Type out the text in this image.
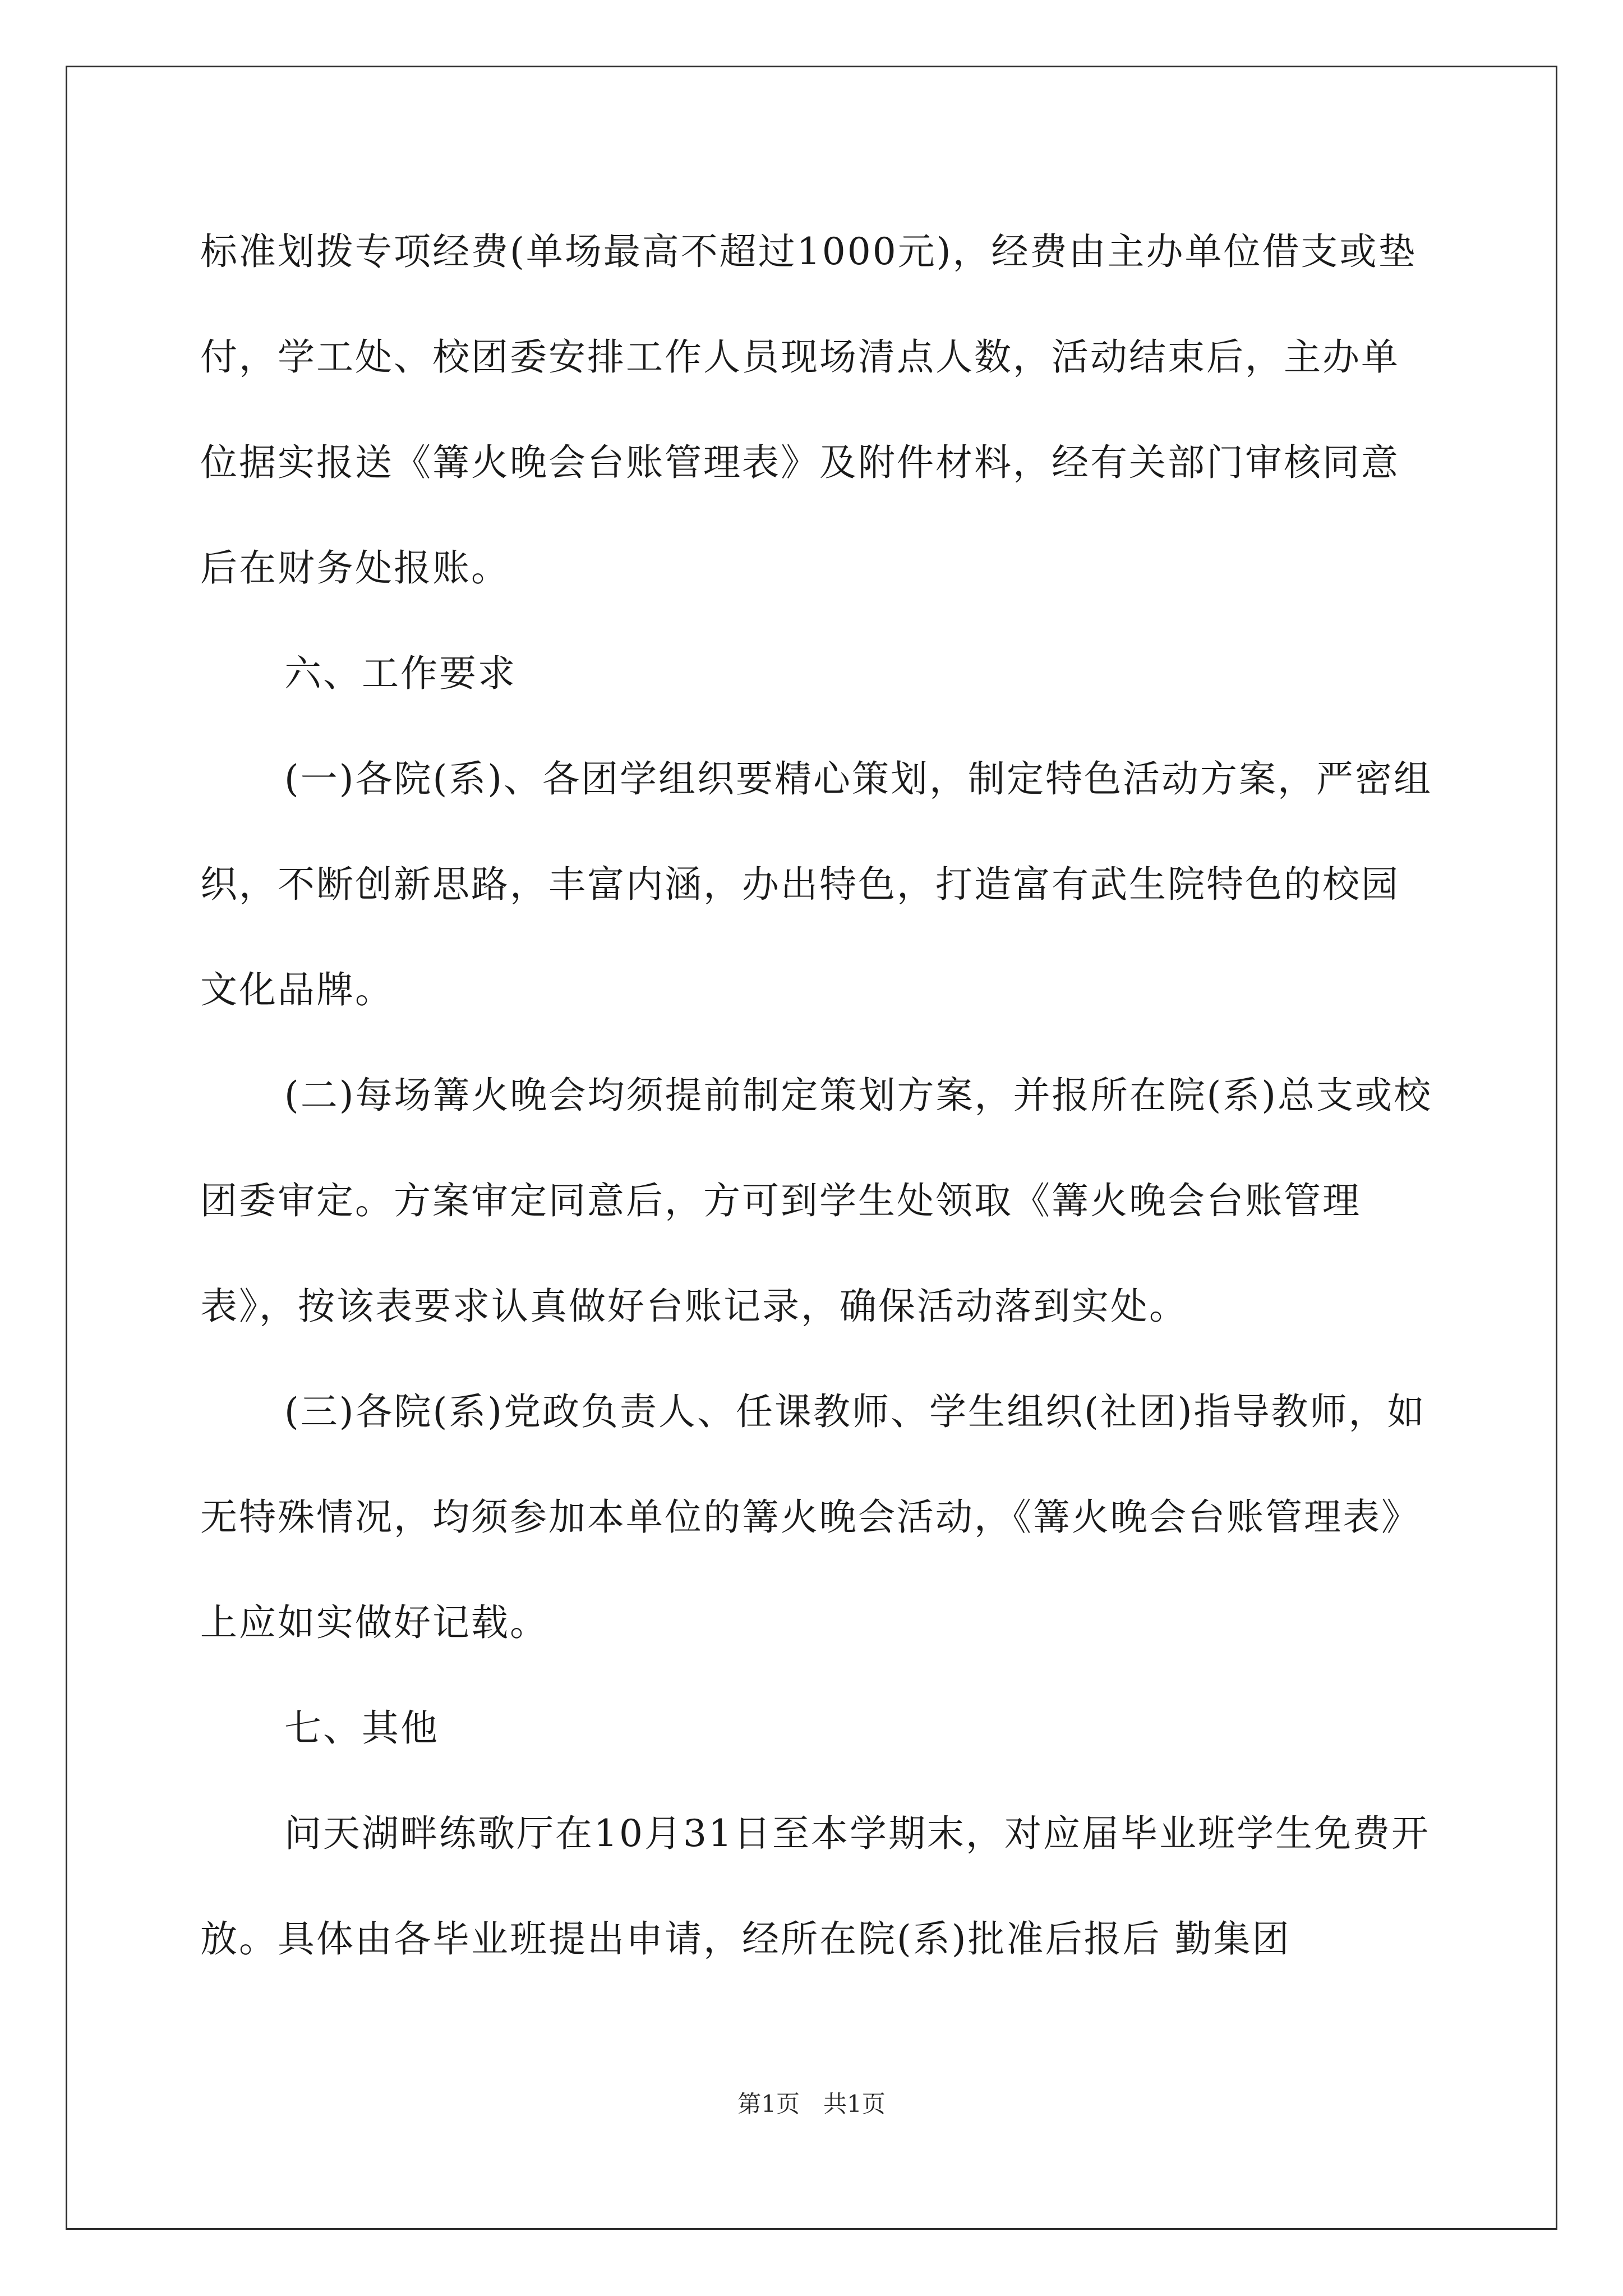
标准划拨专项经费(单场最高不超过1000元)，经费由主办单位借支或垫付，学工处、校团委安排工作人员现场清点人数，活动结束后，主办单位据实报送《篝火晚会台账管理表》及附件材料，经有关部门审核同意后在财务处报账。

六、工作要求

(一)各院(系)、各团学组织要精心策划，制定特色活动方案，严密组织，不断创新思路，丰富内涵，办出特色，打造富有武生院特色的校园文化品牌。

(二)每场篝火晚会均须提前制定策划方案，并报所在院(系)总支或校团委审定。方案审定同意后，方可到学生处领取《篝火晚会台账管理表》，按该表要求认真做好台账记录，确保活动落到实处。

(三)各院(系)党政负责人、任课教师、学生组织(社团)指导教师，如无特殊情况，均须参加本单位的篝火晚会活动，《篝火晚会台账管理表》上应如实做好记载。

七、其他

问天湖畔练歌厅在10月31日至本学期末，对应届毕业班学生免费开放。具体由各毕业班提出申请，经所在院(系)批准后报后 勤集团

第1页　共1页
